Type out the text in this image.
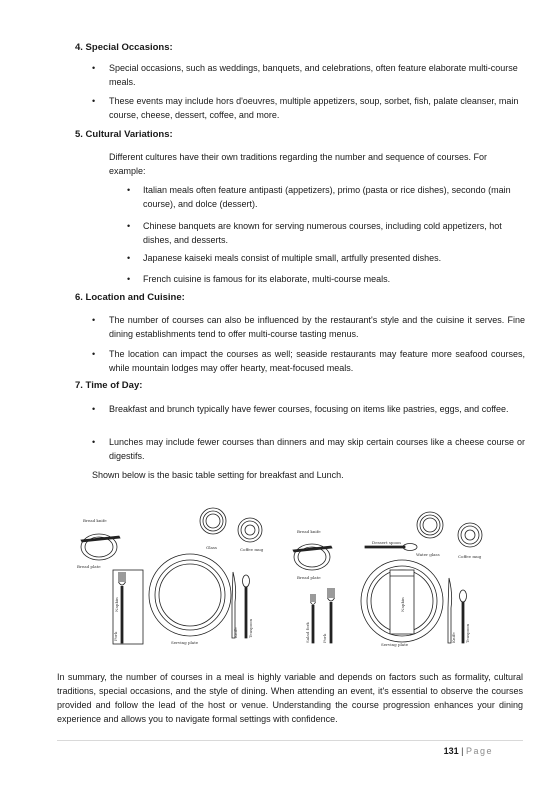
4. Special Occasions:

• Special occasions, such as weddings, banquets, and celebrations, often feature elaborate multi-course meals.

• These events may include hors d'oeuvres, multiple appetizers, soup, sorbet, fish, palate cleanser, main course, cheese, dessert, coffee, and more.

5. Cultural Variations:

Different cultures have their own traditions regarding the number and sequence of courses. For example:

• Italian meals often feature antipasti (appetizers), primo (pasta or rice dishes), secondo (main course), and dolce (dessert).

• Chinese banquets are known for serving numerous courses, including cold appetizers, hot dishes, and desserts.

• Japanese kaiseki meals consist of multiple small, artfully presented dishes.

• French cuisine is famous for its elaborate, multi-course meals.

6. Location and Cuisine:

• The number of courses can also be influenced by the restaurant's style and the cuisine it serves. Fine dining establishments tend to offer multi-course tasting menus.

• The location can impact the courses as well; seaside restaurants may feature more seafood courses, while mountain lodges may offer hearty, meat-focused meals.

7. Time of Day:

• Breakfast and brunch typically have fewer courses, focusing on items like pastries, eggs, and coffee.

• Lunches may include fewer courses than dinners and may skip certain courses like a cheese course or digestifs.

Shown below is the basic table setting for breakfast and Lunch.

Bread knife
Bread plate
Glass	Coffee mug
Napkin
Fork
Serving plate
Knife	Teaspoon
Bread knife
Bread plate
Dessert spoon
Water glass	Coffee mug
Salad fork	Fork
Serving plate
Napkin
Knife Teaspoon

In summary, the number of courses in a meal is highly variable and depends on factors such as formality, cultural traditions, special occasions, and the style of dining. When attending an event, it's essential to observe the courses provided and follow the lead of the host or venue. Understanding the course progression enhances your dining experience and allows you to navigate formal settings with confidence.

131 | Page
